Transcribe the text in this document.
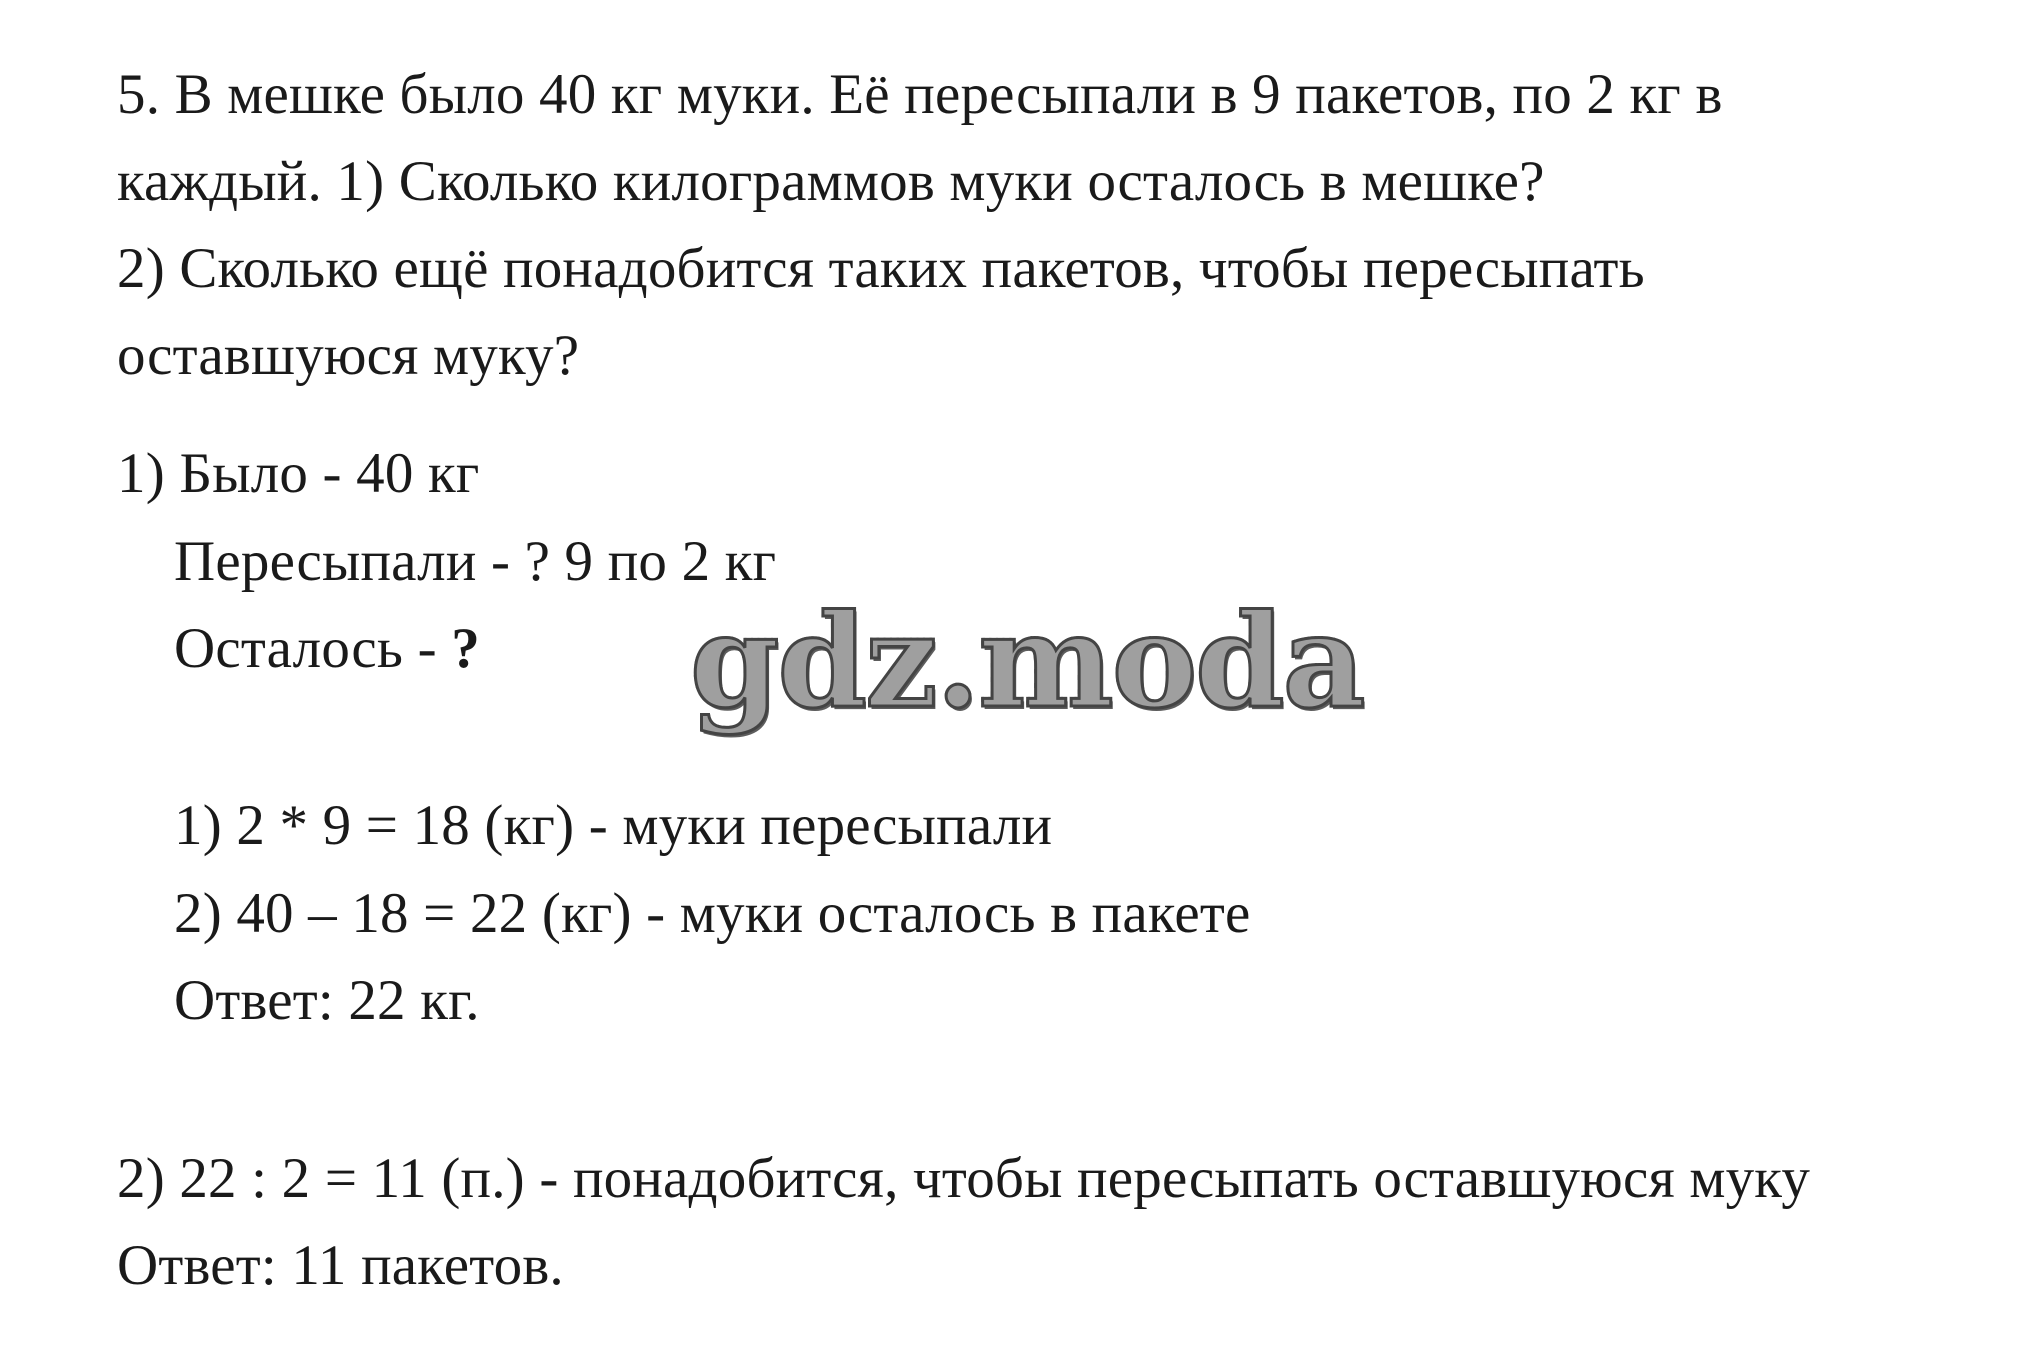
5. В мешке было 40 кг муки. Её пересыпали в 9 пакетов, по 2 кг в
каждый. 1) Сколько килограммов муки осталось в мешке?
2) Сколько ещё понадобится таких пакетов, чтобы пересыпать
оставшуюся муку?
1) Было - 40 кг
Пересыпали - ? 9 по 2 кг
Осталось - ? gdz.moda
1) 2 * 9 = 18 (кг) - муки пересыпали
2) 40 – 18 = 22 (кг) - муки осталось в пакете
Ответ: 22 кг.
2) 22 : 2 = 11 (п.) - понадобится, чтобы пересыпать оставшуюся муку
Ответ: 11 пакетов.
